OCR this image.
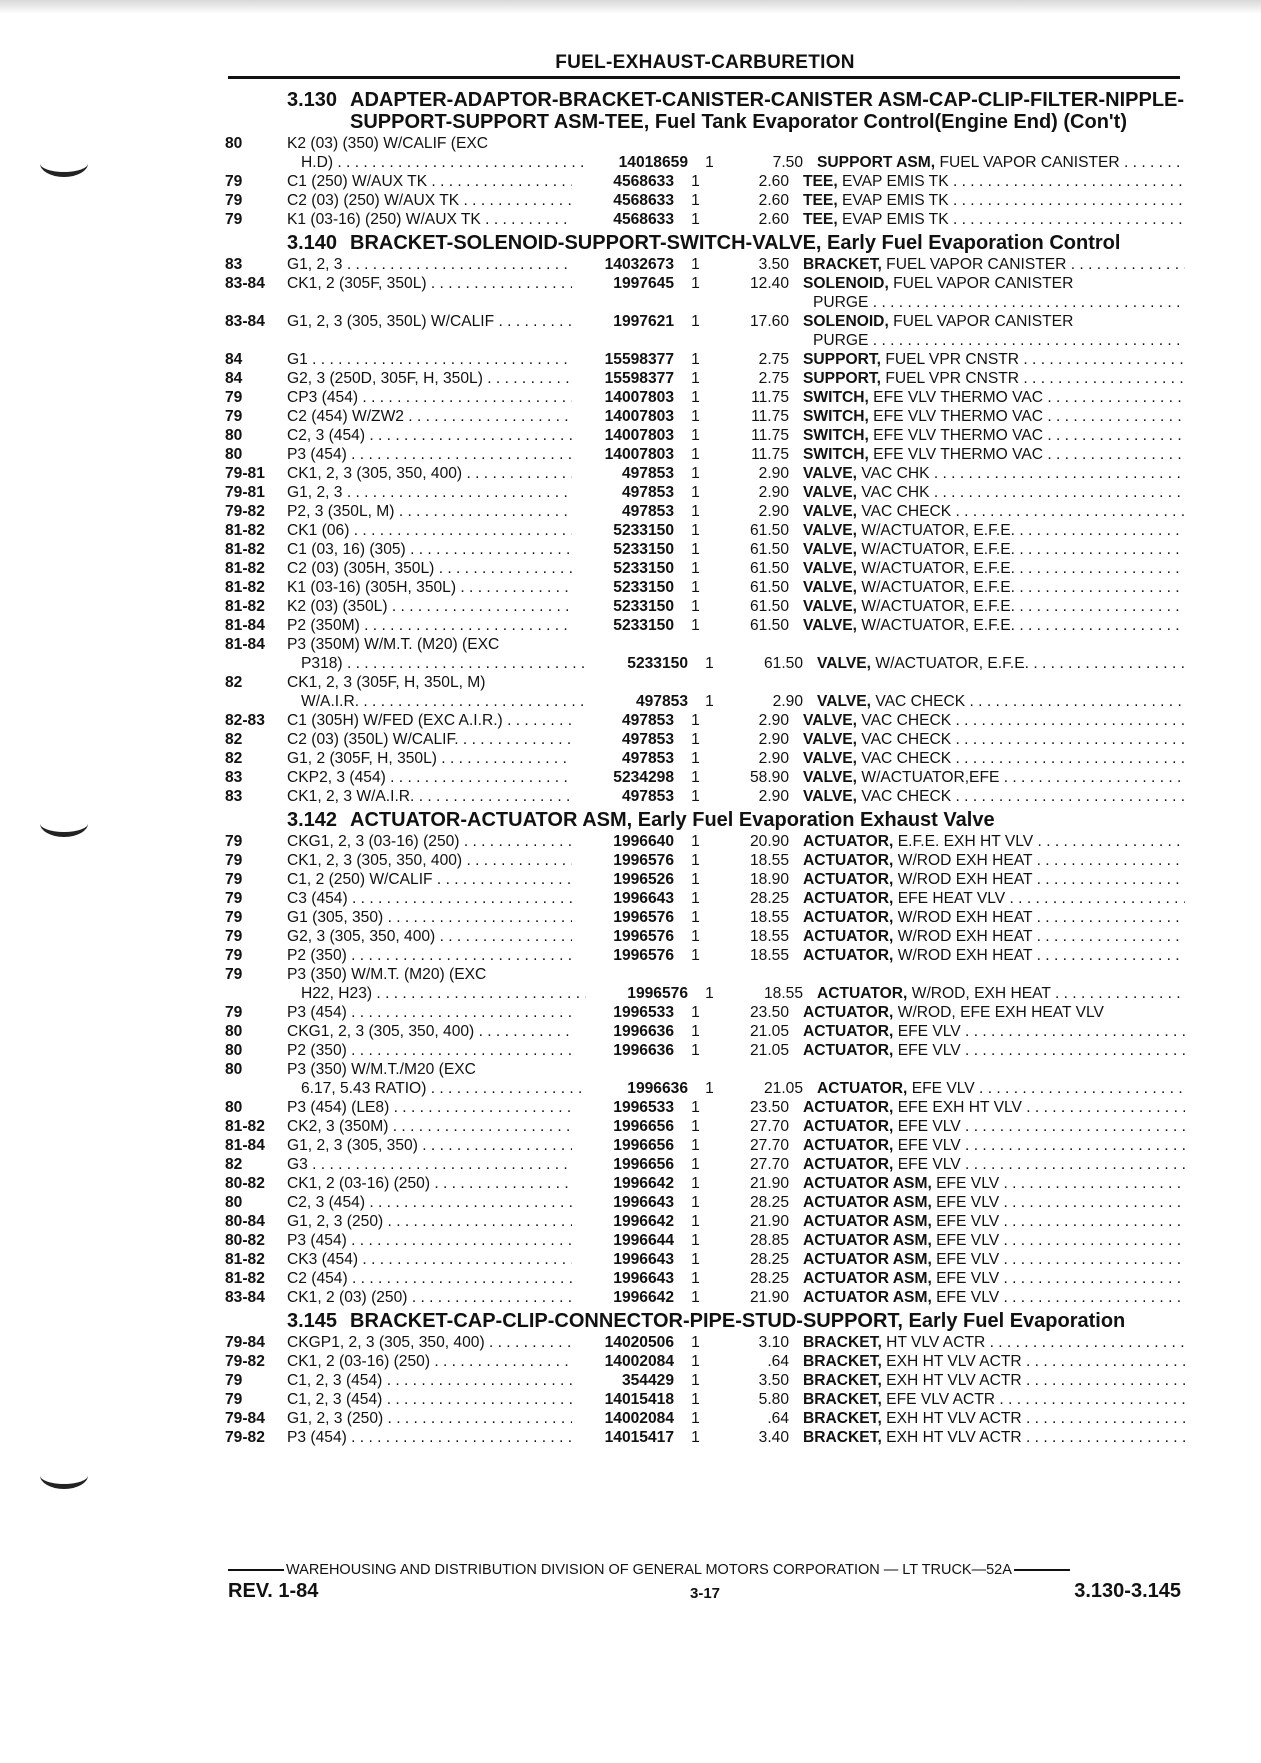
FUEL-EXHAUST-CARBURETION
3.130 ADAPTER-ADAPTOR-BRACKET-CANISTER-CANISTER ASM-CAP-CLIP-FILTER-NIPPLE-SUPPORT-SUPPORT ASM-TEE, Fuel Tank Evaporator Control(Engine End) (Con't)
80	K2 (03) (350) W/CALIF (EXC
H.D) . . .	14018659	1	7.50 SUPPORT ASM, FUEL VAPOR CANISTER . . .
79	C1 (250) W/AUX TK . . .	4568633	1	2.60 TEE, EVAP EMIS TK . . .
79	C2 (03) (250) W/AUX TK . . .	4568633	1	2.60 TEE, EVAP EMIS TK . . .
79	K1 (03-16) (250) W/AUX TK . . .	4568633	1	2.60 TEE, EVAP EMIS TK . . .
3.140 BRACKET-SOLENOID-SUPPORT-SWITCH-VALVE, Early Fuel Evaporation Control
83	G1, 2, 3 . . .	14032673	1	3.50 BRACKET, FUEL VAPOR CANISTER . . .
83-84	CK1, 2 (305F, 350L) . . .	1997645	1	12.40 SOLENOID, FUEL VAPOR CANISTER
PURGE . . .
83-84	G1, 2, 3 (305, 350L) W/CALIF . . .	1997621	1	17.60 SOLENOID, FUEL VAPOR CANISTER
PURGE . . .
84	G1 . . .	15598377	1	2.75 SUPPORT, FUEL VPR CNSTR . . .
84	G2, 3 (250D, 305F, H, 350L) . . .	15598377	1	2.75 SUPPORT, FUEL VPR CNSTR . . .
79	CP3 (454) . . .	14007803	1	11.75 SWITCH, EFE VLV THERMO VAC . . .
79	C2 (454) W/ZW2 . . .	14007803	1	11.75 SWITCH, EFE VLV THERMO VAC . . .
80	C2, 3 (454) . . .	14007803	1	11.75 SWITCH, EFE VLV THERMO VAC . . .
80	P3 (454) . . .	14007803	1	11.75 SWITCH, EFE VLV THERMO VAC . . .
79-81	CK1, 2, 3 (305, 350, 400) . . .	497853	1	2.90 VALVE, VAC CHK . . .
79-81	G1, 2, 3 . . .	497853	1	2.90 VALVE, VAC CHK . . .
79-82	P2, 3 (350L, M) . . .	497853	1	2.90 VALVE, VAC CHECK . . .
81-82	CK1 (06) . . .	5233150	1	61.50 VALVE, W/ACTUATOR, E.F.E. . . .
81-82	C1 (03, 16) (305) . . .	5233150	1	61.50 VALVE, W/ACTUATOR, E.F.E. . . .
81-82	C2 (03) (305H, 350L) . . .	5233150	1	61.50 VALVE, W/ACTUATOR, E.F.E. . . .
81-82	K1 (03-16) (305H, 350L) . . .	5233150	1	61.50 VALVE, W/ACTUATOR, E.F.E. . . .
81-82	K2 (03) (350L) . . .	5233150	1	61.50 VALVE, W/ACTUATOR, E.F.E. . . .
81-84	P2 (350M) . . .	5233150	1	61.50 VALVE, W/ACTUATOR, E.F.E. . . .
81-84	P3 (350M) W/M.T. (M20) (EXC
P318) . . .	5233150	1	61.50 VALVE, W/ACTUATOR, E.F.E. . . .
82	CK1, 2, 3 (305F, H, 350L, M)
W/A.I.R. . . .	497853	1	2.90 VALVE, VAC CHECK . . .
82-83	C1 (305H) W/FED (EXC A.I.R.) . . .	497853	1	2.90 VALVE, VAC CHECK . . .
82	C2 (03) (350L) W/CALIF. . . .	497853	1	2.90 VALVE, VAC CHECK . . .
82	G1, 2 (305F, H, 350L) . . .	497853	1	2.90 VALVE, VAC CHECK . . .
83	CKP2, 3 (454) . . .	5234298	1	58.90 VALVE, W/ACTUATOR,EFE . . .
83	CK1, 2, 3 W/A.I.R. . . .	497853	1	2.90 VALVE, VAC CHECK . . .
3.142 ACTUATOR-ACTUATOR ASM, Early Fuel Evaporation Exhaust Valve
79	CKG1, 2, 3 (03-16) (250) . . .	1996640	1	20.90 ACTUATOR, E.F.E. EXH HT VLV . . .
79	CK1, 2, 3 (305, 350, 400) . . .	1996576	1	18.55 ACTUATOR, W/ROD EXH HEAT . . .
79	C1, 2 (250) W/CALIF . . .	1996526	1	18.90 ACTUATOR, W/ROD EXH HEAT . . .
79	C3 (454) . . .	1996643	1	28.25 ACTUATOR, EFE HEAT VLV . . .
79	G1 (305, 350) . . .	1996576	1	18.55 ACTUATOR, W/ROD EXH HEAT . . .
79	G2, 3 (305, 350, 400) . . .	1996576	1	18.55 ACTUATOR, W/ROD EXH HEAT . . .
79	P2 (350) . . .	1996576	1	18.55 ACTUATOR, W/ROD EXH HEAT . . .
79	P3 (350) W/M.T. (M20) (EXC
H22, H23) . . .	1996576	1	18.55 ACTUATOR, W/ROD, EXH HEAT . . .
79	P3 (454) . . .	1996533	1	23.50 ACTUATOR, W/ROD, EFE EXH HEAT VLV
80	CKG1, 2, 3 (305, 350, 400) . . .	1996636	1	21.05 ACTUATOR, EFE VLV . . .
80	P2 (350) . . .	1996636	1	21.05 ACTUATOR, EFE VLV . . .
80	P3 (350) W/M.T./M20 (EXC
6.17, 5.43 RATIO) . . .	1996636	1	21.05 ACTUATOR, EFE VLV . . .
80	P3 (454) (LE8) . . .	1996533	1	23.50 ACTUATOR, EFE EXH HT VLV . . .
81-82	CK2, 3 (350M) . . .	1996656	1	27.70 ACTUATOR, EFE VLV . . .
81-84	G1, 2, 3 (305, 350) . . .	1996656	1	27.70 ACTUATOR, EFE VLV . . .
82	G3 . . .	1996656	1	27.70 ACTUATOR, EFE VLV . . .
80-82	CK1, 2 (03-16) (250) . . .	1996642	1	21.90 ACTUATOR ASM, EFE VLV . . .
80	C2, 3 (454) . . .	1996643	1	28.25 ACTUATOR ASM, EFE VLV . . .
80-84	G1, 2, 3 (250) . . .	1996642	1	21.90 ACTUATOR ASM, EFE VLV . . .
80-82	P3 (454) . . .	1996644	1	28.85 ACTUATOR ASM, EFE VLV . . .
81-82	CK3 (454) . . .	1996643	1	28.25 ACTUATOR ASM, EFE VLV . . .
81-82	C2 (454) . . .	1996643	1	28.25 ACTUATOR ASM, EFE VLV . . .
83-84	CK1, 2 (03) (250) . . .	1996642	1	21.90 ACTUATOR ASM, EFE VLV . . .
3.145 BRACKET-CAP-CLIP-CONNECTOR-PIPE-STUD-SUPPORT, Early Fuel Evaporation
79-84	CKGP1, 2, 3 (305, 350, 400) . . .	14020506	1	3.10 BRACKET, HT VLV ACTR . . .
79-82	CK1, 2 (03-16) (250) . . .	14002084	1	.64 BRACKET, EXH HT VLV ACTR . . .
79	C1, 2, 3 (454) . . .	354429	1	3.50 BRACKET, EXH HT VLV ACTR . . .
79	C1, 2, 3 (454) . . .	14015418	1	5.80 BRACKET, EFE VLV ACTR . . .
79-84	G1, 2, 3 (250) . . .	14002084	1	.64 BRACKET, EXH HT VLV ACTR . . .
79-82	P3 (454) . . .	14015417	1	3.40 BRACKET, EXH HT VLV ACTR . . .
WAREHOUSING AND DISTRIBUTION DIVISION OF GENERAL MOTORS CORPORATION — LT TRUCK—52A
REV. 1-84	3-17	3.130-3.145
